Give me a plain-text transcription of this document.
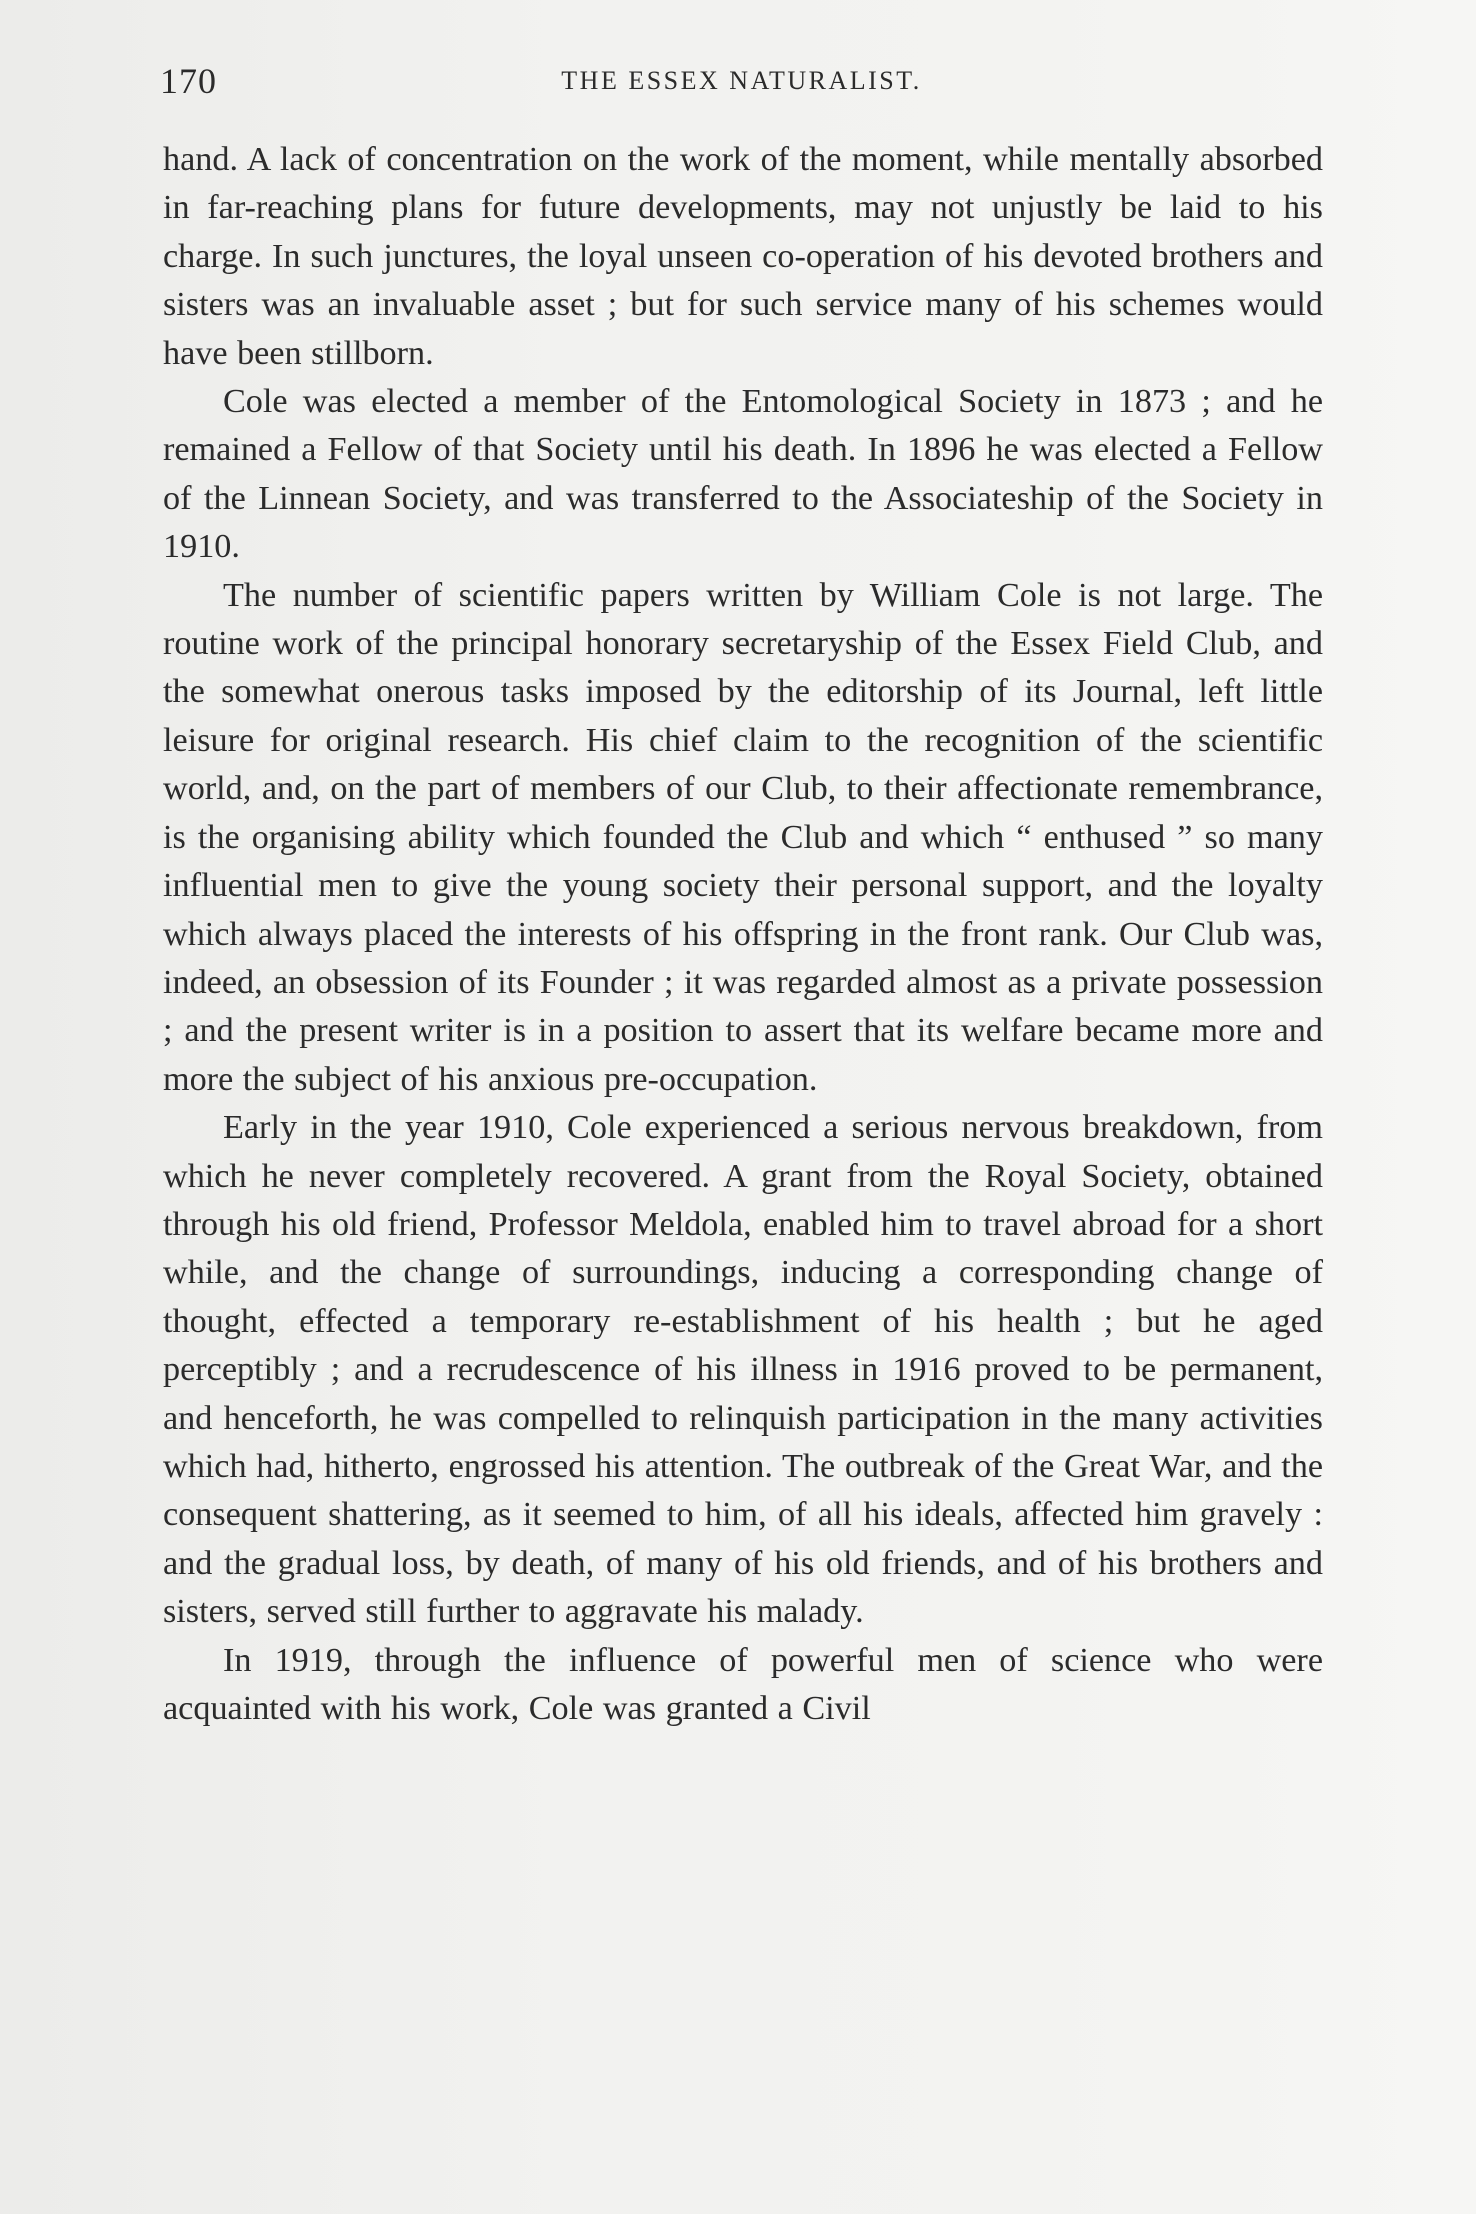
170	THE ESSEX NATURALIST.

hand. A lack of concentration on the work of the moment, while mentally absorbed in far-reaching plans for future developments, may not unjustly be laid to his charge. In such junctures, the loyal unseen co-operation of his devoted brothers and sisters was an invaluable asset ; but for such service many of his schemes would have been stillborn.

Cole was elected a member of the Entomological Society in 1873 ; and he remained a Fellow of that Society until his death. In 1896 he was elected a Fellow of the Linnean Society, and was transferred to the Associateship of the Society in 1910.

The number of scientific papers written by William Cole is not large. The routine work of the principal honorary secretaryship of the Essex Field Club, and the somewhat onerous tasks imposed by the editorship of its Journal, left little leisure for original research. His chief claim to the recognition of the scientific world, and, on the part of members of our Club, to their affectionate remembrance, is the organising ability which founded the Club and which “ enthused ” so many influential men to give the young society their personal support, and the loyalty which always placed the interests of his offspring in the front rank. Our Club was, indeed, an obsession of its Founder ; it was regarded almost as a private possession ; and the present writer is in a position to assert that its welfare became more and more the subject of his anxious pre-occupation.

Early in the year 1910, Cole experienced a serious nervous breakdown, from which he never completely recovered. A grant from the Royal Society, obtained through his old friend, Professor Meldola, enabled him to travel abroad for a short while, and the change of surroundings, inducing a corresponding change of thought, effected a temporary re-establishment of his health ; but he aged perceptibly ; and a recrudescence of his illness in 1916 proved to be permanent, and henceforth, he was compelled to relinquish participation in the many activities which had, hitherto, engrossed his attention. The outbreak of the Great War, and the consequent shattering, as it seemed to him, of all his ideals, affected him gravely : and the gradual loss, by death, of many of his old friends, and of his brothers and sisters, served still further to aggravate his malady.

In 1919, through the influence of powerful men of science who were acquainted with his work, Cole was granted a Civil
